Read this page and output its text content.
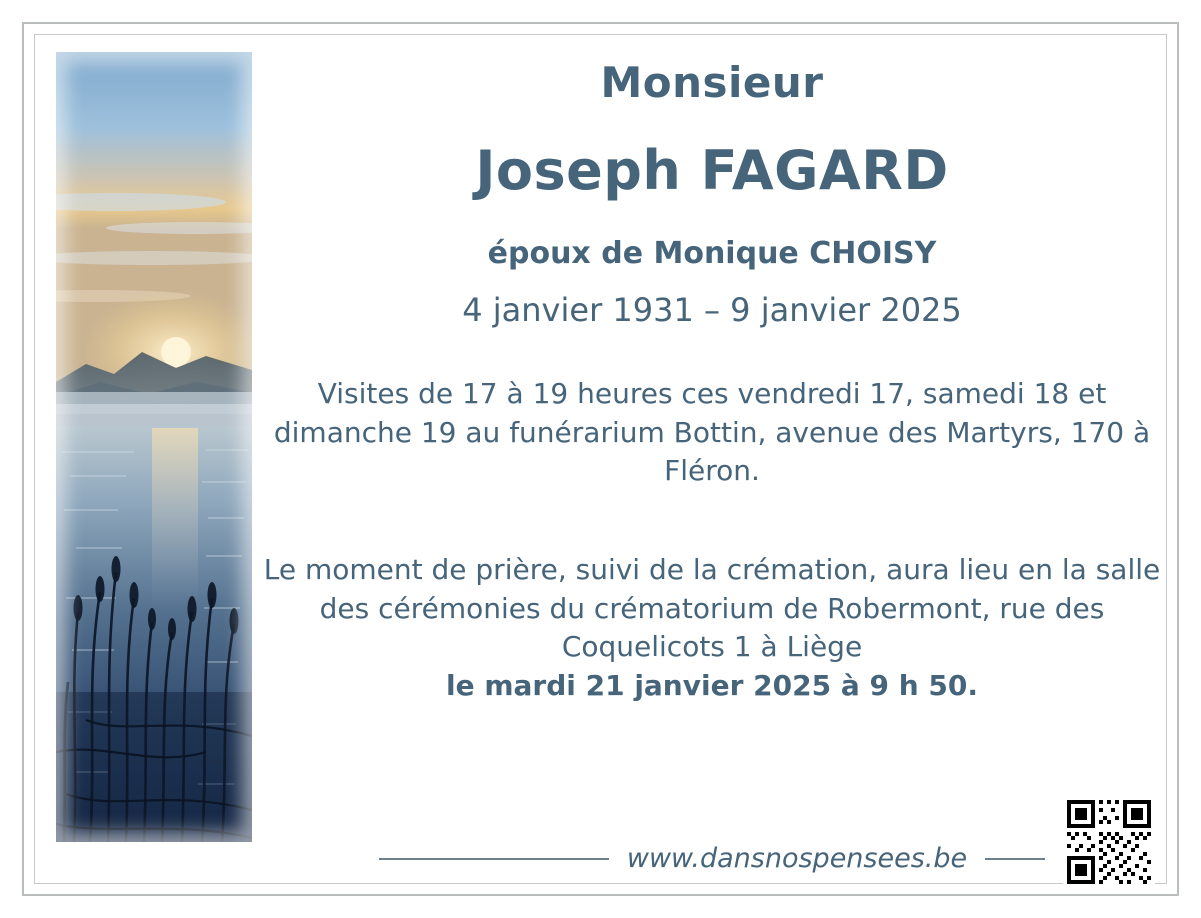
Monsieur
Joseph FAGARD
époux de Monique CHOISY
4 janvier 1931 – 9 janvier 2025
Visites de 17 à 19 heures ces vendredi 17, samedi 18 et dimanche 19 au funérarium Bottin, avenue des Martyrs, 170 à Fléron.
Le moment de prière, suivi de la crémation, aura lieu en la salle des cérémonies du crématorium de Robermont, rue des Coquelicots 1 à Liège
le mardi 21 janvier 2025 à 9 h 50.
www.dansnospensees.be
